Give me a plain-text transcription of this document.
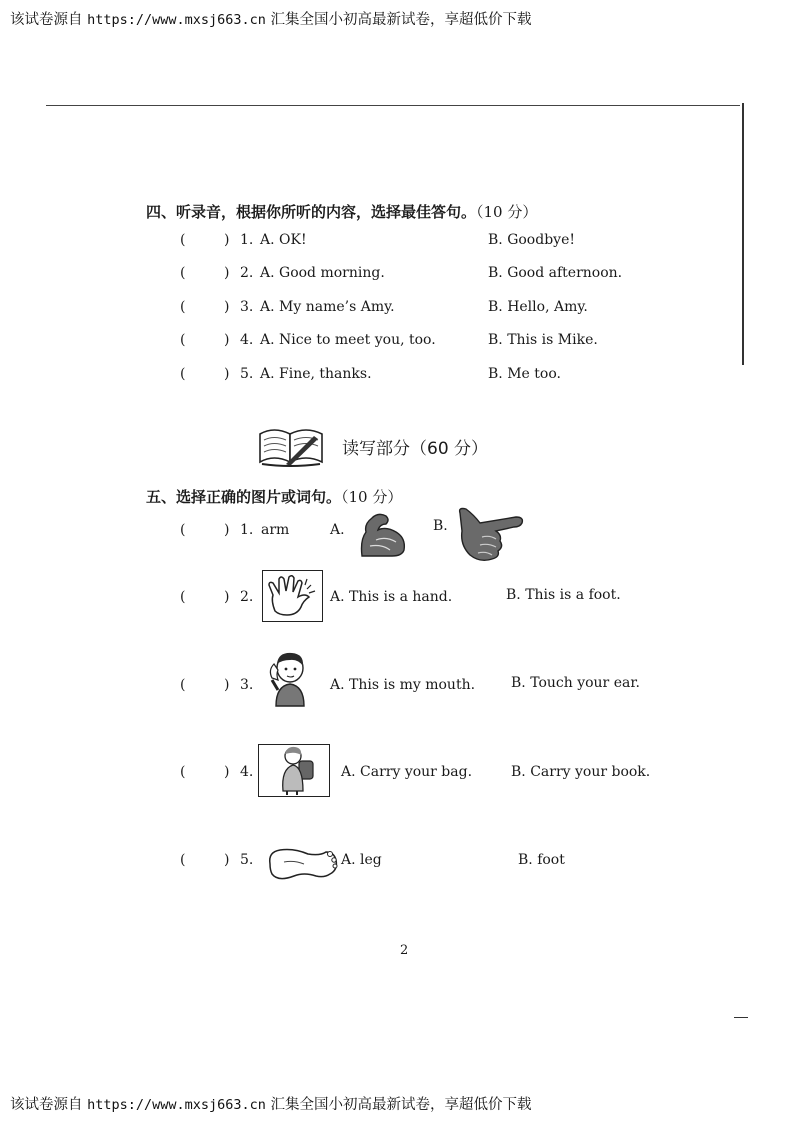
该试卷源自 https://www.mxsj663.cn 汇集全国小初高最新试卷，享超低价下载
四、听录音，根据你所听的内容，选择最佳答句。（10 分）
(	) 1. A. OK!	B. Goodbye!
(	) 2. A. Good morning.	B. Good afternoon.
(	) 3. A. My name’s Amy.	B. Hello, Amy.
(	) 4. A. Nice to meet you, too.	B. This is Mike.
(	) 5. A. Fine, thanks.	B. Me too.
读写部分（60 分）
五、选择正确的图片或词句。（10 分）
(	) 1. arm	A.	B.
(	) 2.	A. This is a hand.	B. This is a foot.
(	) 3.	A. This is my mouth.	B. Touch your ear.
(	) 4.	A. Carry your bag.	B. Carry your book.
(	) 5.	A. leg	B. foot
2
该试卷源自 https://www.mxsj663.cn 汇集全国小初高最新试卷，享超低价下载
